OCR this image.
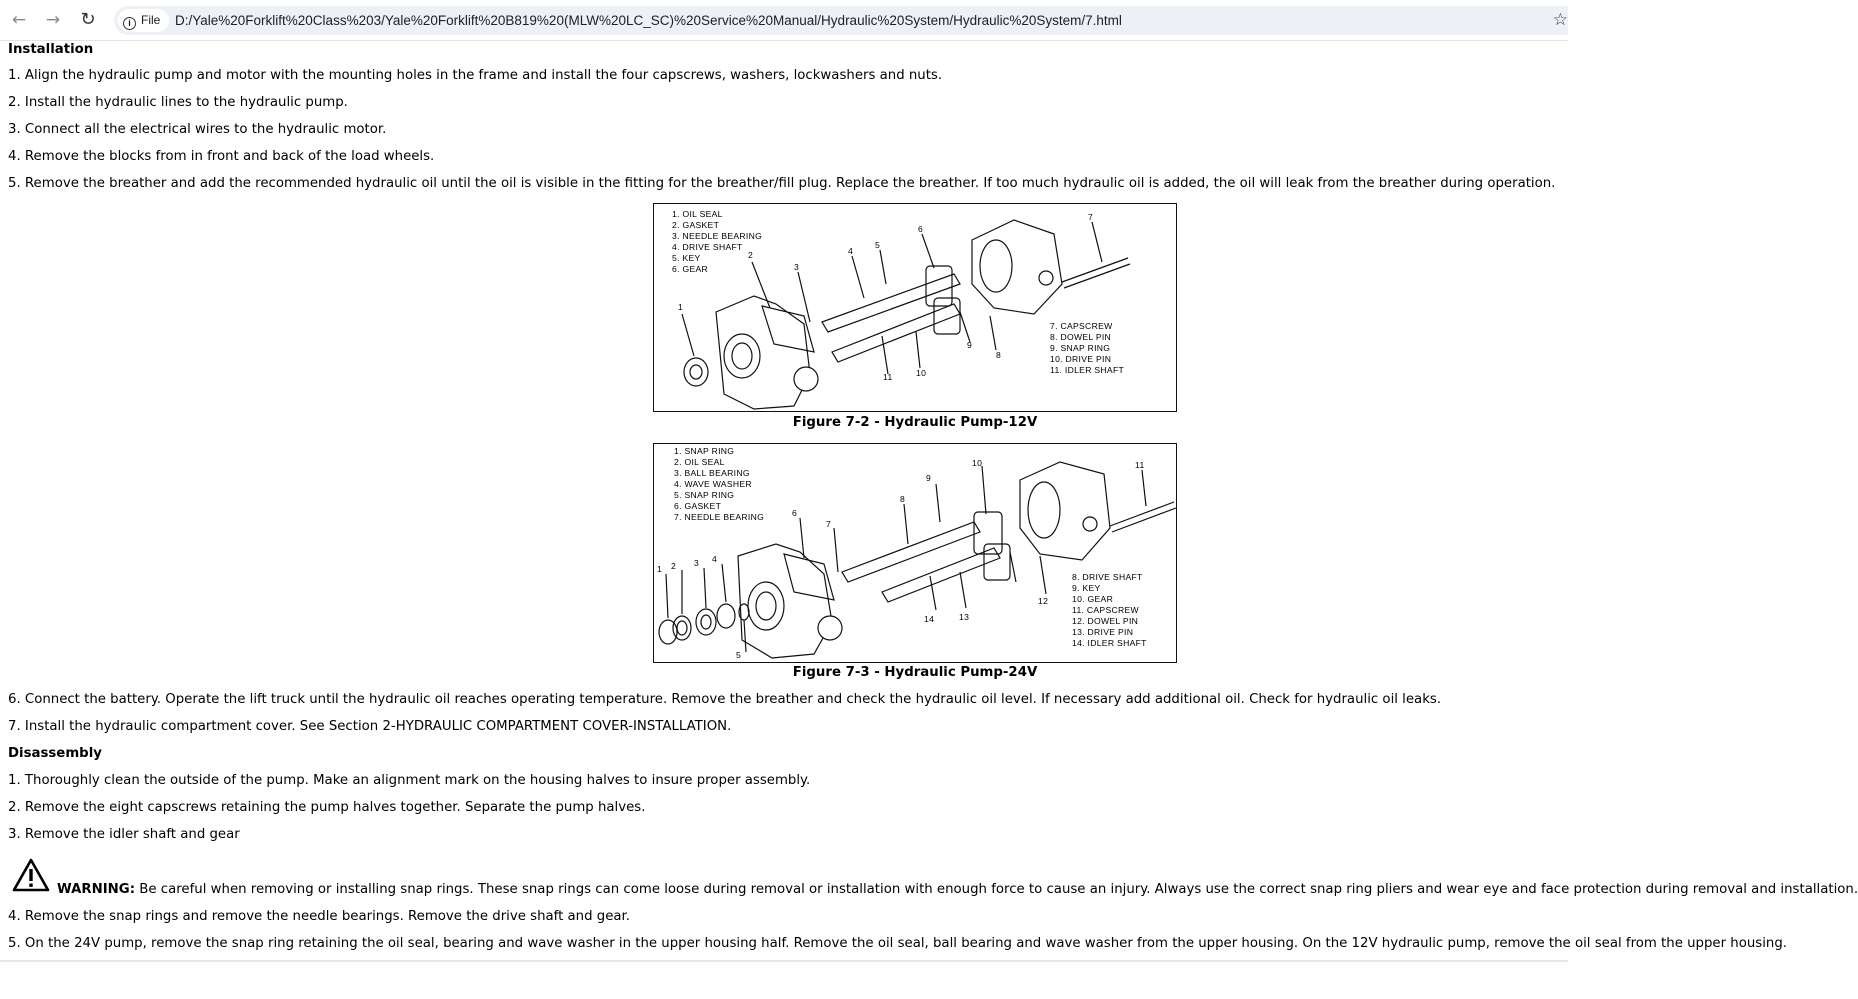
← → ↻	i File	D:/Yale%20Forklift%20Class%203/Yale%20Forklift%20B819%20(MLW%20LC_SC)%20Service%20Manual/Hydraulic%20System/Hydraulic%20System/7.html	☆
Installation
1. Align the hydraulic pump and motor with the mounting holes in the frame and install the four capscrews, washers, lockwashers and nuts.
2. Install the hydraulic lines to the hydraulic pump.
3. Connect all the electrical wires to the hydraulic motor.
4. Remove the blocks from in front and back of the load wheels.
5. Remove the breather and add the recommended hydraulic oil until the oil is visible in the fitting for the breather/fill plug. Replace the breather. If too much hydraulic oil is added, the oil will leak from the breather during operation.
1. OIL SEAL
2. GASKET
3. NEEDLE BEARING
4. DRIVE SHAFT
5. KEY
6. GEAR
7. CAPSCREW
8. DOWEL PIN
9. SNAP RING
10. DRIVE PIN
11. IDLER SHAFT
1
2
3
4
5
6
7
8
9
10
11
Figure 7-2 - Hydraulic Pump-12V
1. SNAP RING
2. OIL SEAL
3. BALL BEARING
4. WAVE WASHER
5. SNAP RING
6. GASKET
7. NEEDLE BEARING
8. DRIVE SHAFT
9. KEY
10. GEAR
11. CAPSCREW
12. DOWEL PIN
13. DRIVE PIN
14. IDLER SHAFT
1 2 3 4
5
6
7
8
9
10	11
12
13
14
Figure 7-3 - Hydraulic Pump-24V
6. Connect the battery. Operate the lift truck until the hydraulic oil reaches operating temperature. Remove the breather and check the hydraulic oil level. If necessary add additional oil. Check for hydraulic oil leaks.
7. Install the hydraulic compartment cover. See Section 2-HYDRAULIC COMPARTMENT COVER-INSTALLATION.
Disassembly
1. Thoroughly clean the outside of the pump. Make an alignment mark on the housing halves to insure proper assembly.
2. Remove the eight capscrews retaining the pump halves together. Separate the pump halves.
3. Remove the idler shaft and gear
WARNING: Be careful when removing or installing snap rings. These snap rings can come loose during removal or installation with enough force to cause an injury. Always use the correct snap ring pliers and wear eye and face protection during removal and installation.
4. Remove the snap rings and remove the needle bearings. Remove the drive shaft and gear.
5. On the 24V pump, remove the snap ring retaining the oil seal, bearing and wave washer in the upper housing half. Remove the oil seal, ball bearing and wave washer from the upper housing. On the 12V hydraulic pump, remove the oil seal from the upper housing.
